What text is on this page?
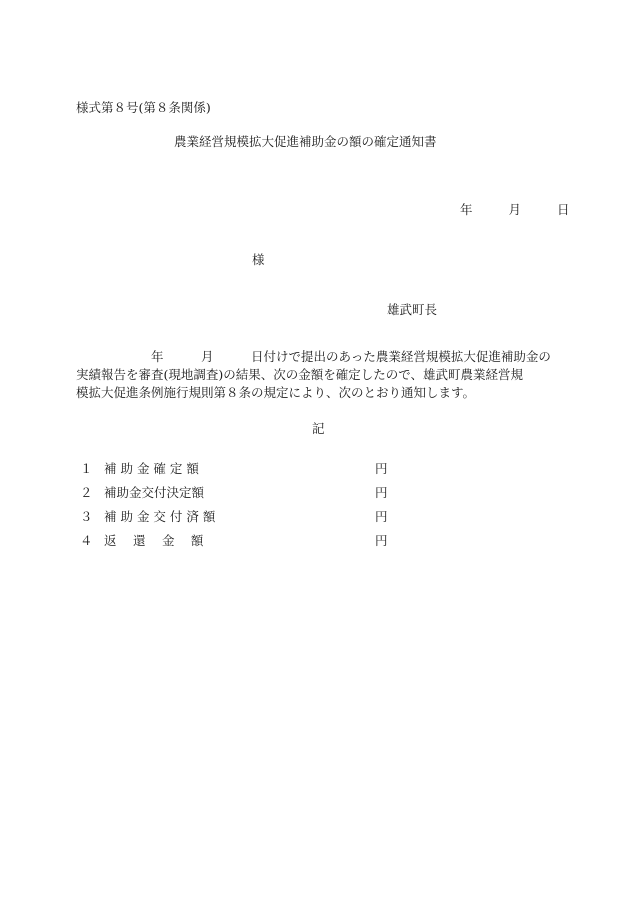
様式第８号(第８条関係)
農業経営規模拡大促進補助金の額の確定通知書
年	月	日
様
雄武町長
　　　　　　年　　　月　　　日付けで提出のあった農業経営規模拡大促進補助金の
実績報告を審査(現地調査)の結果、次の金額を確定したので、雄武町農業経営規
模拡大促進条例施行規則第８条の規定により、次のとおり通知します。
記
１ 補 助 金 確 定 額	円
２ 補助金交付決定額	円
３ 補 助 金 交 付 済 額	円
４ 返　 還　 金　 額	円
